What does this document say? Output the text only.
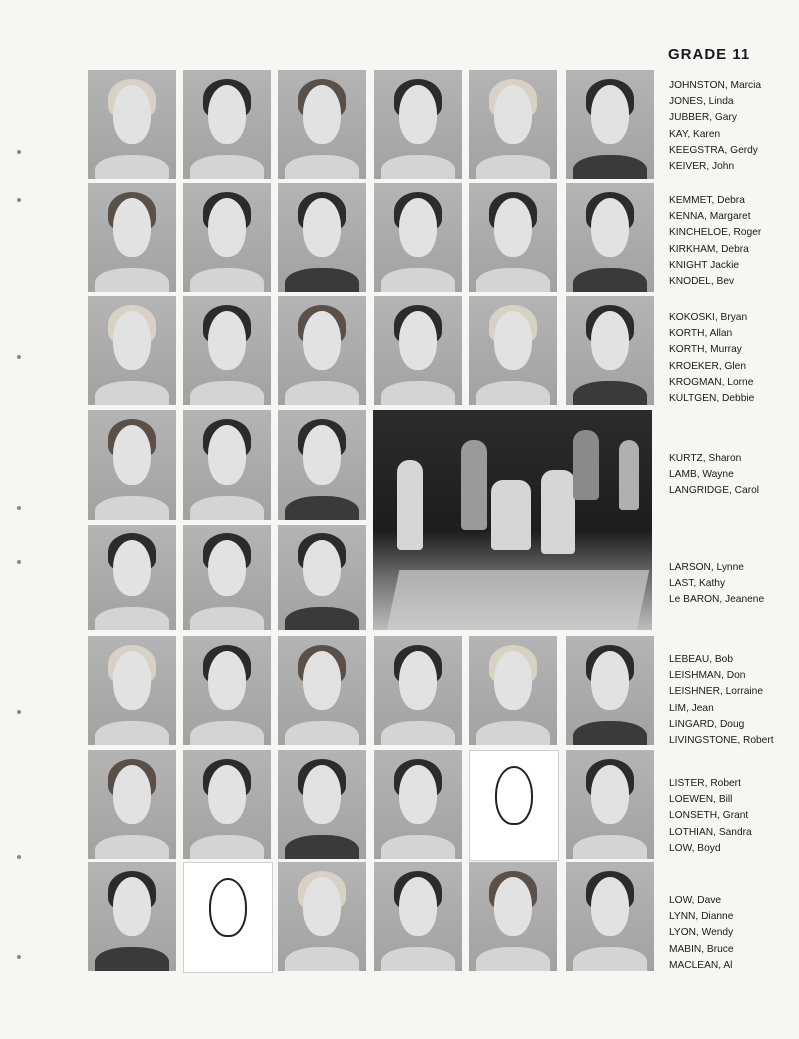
GRADE 11
JOHNSTON, Marcia
JONES, Linda
JUBBER, Gary
KAY, Karen
KEEGSTRA, Gerdy
KEIVER, John
KEMMET, Debra
KENNA, Margaret
KINCHELOE, Roger
KIRKHAM, Debra
KNIGHT Jackie
KNODEL, Bev
KOKOSKI, Bryan
KORTH, Allan
KORTH, Murray
KROEKER, Glen
KROGMAN, Lorne
KULTGEN, Debbie
KURTZ, Sharon
LAMB, Wayne
LANGRIDGE, Carol
LARSON, Lynne
LAST, Kathy
Le BARON, Jeanene
LEBEAU, Bob
LEISHMAN, Don
LEISHNER, Lorraine
LIM, Jean
LINGARD, Doug
LIVINGSTONE, Robert
LISTER, Robert
LOEWEN, Bill
LONSETH, Grant
LOTHIAN, Sandra
LOW, Boyd
LOW, Dave
LYNN, Dianne
LYON, Wendy
MABIN, Bruce
MACLEAN, Al
